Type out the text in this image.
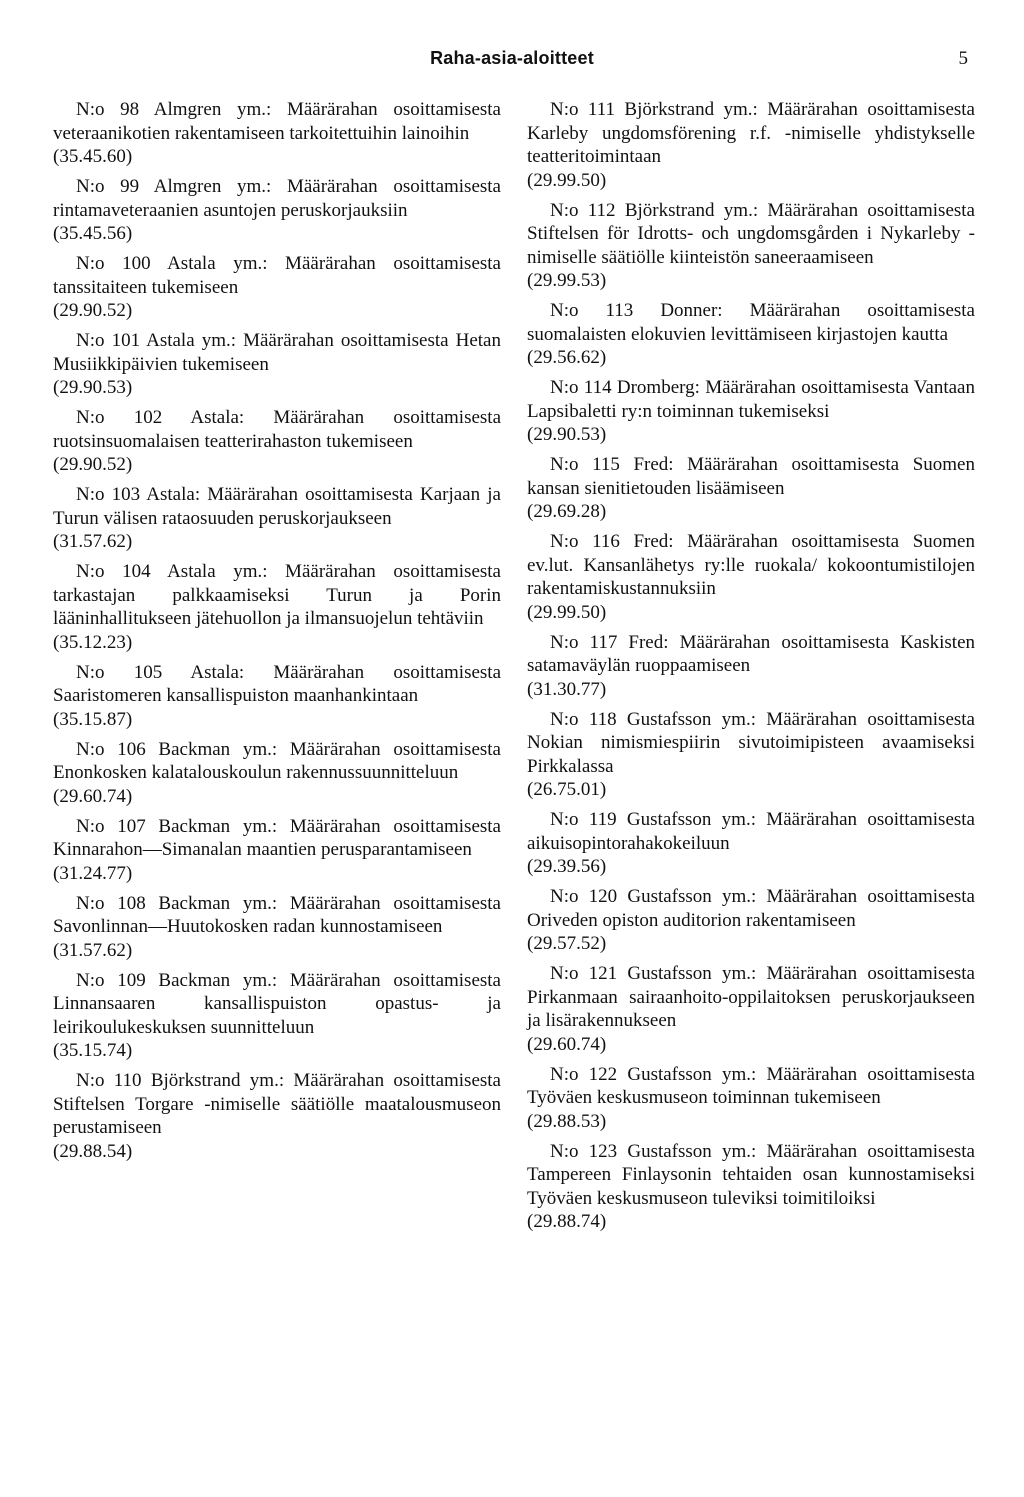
Raha-asia-aloitteet	5
N:o 98 Almgren ym.: Määrärahan osoittamisesta veteraanikotien rakentamiseen tarkoitettuihin lainoihin
(35.45.60)
N:o 99 Almgren ym.: Määrärahan osoittamisesta rintamaveteraanien asuntojen peruskorjauksiin
(35.45.56)
N:o 100 Astala ym.: Määrärahan osoittamisesta tanssitaiteen tukemiseen
(29.90.52)
N:o 101 Astala ym.: Määrärahan osoittamisesta Hetan Musiikkipäivien tukemiseen
(29.90.53)
N:o 102 Astala: Määrärahan osoittamisesta ruotsinsuomalaisen teatterirahaston tukemiseen
(29.90.52)
N:o 103 Astala: Määrärahan osoittamisesta Karjaan ja Turun välisen rataosuuden peruskorjaukseen
(31.57.62)
N:o 104 Astala ym.: Määrärahan osoittamisesta tarkastajan palkkaamiseksi Turun ja Porin lääninhallitukseen jätehuollon ja ilmansuojelun tehtäviin
(35.12.23)
N:o 105 Astala: Määrärahan osoittamisesta Saaristomeren kansallispuiston maanhankintaan
(35.15.87)
N:o 106 Backman ym.: Määrärahan osoittamisesta Enonkosken kalatalouskoulun rakennussuunnitteluun
(29.60.74)
N:o 107 Backman ym.: Määrärahan osoittamisesta Kinnarahon—Simanalan maantien perusparantamiseen
(31.24.77)
N:o 108 Backman ym.: Määrärahan osoittamisesta Savonlinnan—Huutokosken radan kunnostamiseen
(31.57.62)
N:o 109 Backman ym.: Määrärahan osoittamisesta Linnansaaren kansallispuiston opastus- ja leirikoulukeskuksen suunnitteluun
(35.15.74)
N:o 110 Björkstrand ym.: Määrärahan osoittamisesta Stiftelsen Torgare -nimiselle säätiölle maatalousmuseon perustamiseen
(29.88.54)
N:o 111 Björkstrand ym.: Määrärahan osoittamisesta Karleby ungdomsförening r.f. -nimiselle yhdistykselle teatteritoimintaan
(29.99.50)
N:o 112 Björkstrand ym.: Määrärahan osoittamisesta Stiftelsen för Idrotts- och ungdomsgården i Nykarleby -nimiselle säätiölle kiinteistön saneeraamiseen
(29.99.53)
N:o 113 Donner: Määrärahan osoittamisesta suomalaisten elokuvien levittämiseen kirjastojen kautta
(29.56.62)
N:o 114 Dromberg: Määrärahan osoittamisesta Vantaan Lapsibaletti ry:n toiminnan tukemiseksi
(29.90.53)
N:o 115 Fred: Määrärahan osoittamisesta Suomen kansan sienitietouden lisäämiseen
(29.69.28)
N:o 116 Fred: Määrärahan osoittamisesta Suomen ev.lut. Kansanlähetys ry:lle ruokala/ kokoontumistilojen rakentamiskustannuksiin
(29.99.50)
N:o 117 Fred: Määrärahan osoittamisesta Kaskisten satamaväylän ruoppaamiseen
(31.30.77)
N:o 118 Gustafsson ym.: Määrärahan osoittamisesta Nokian nimismiespiirin sivutoimipisteen avaamiseksi Pirkkalassa
(26.75.01)
N:o 119 Gustafsson ym.: Määrärahan osoittamisesta aikuisopintorahakokeiluun
(29.39.56)
N:o 120 Gustafsson ym.: Määrärahan osoittamisesta Oriveden opiston auditorion rakentamiseen
(29.57.52)
N:o 121 Gustafsson ym.: Määrärahan osoittamisesta Pirkanmaan sairaanhoito-oppilaitoksen peruskorjaukseen ja lisärakennukseen
(29.60.74)
N:o 122 Gustafsson ym.: Määrärahan osoittamisesta Työväen keskusmuseon toiminnan tukemiseen
(29.88.53)
N:o 123 Gustafsson ym.: Määrärahan osoittamisesta Tampereen Finlaysonin tehtaiden osan kunnostamiseksi Työväen keskusmuseon tuleviksi toimitiloiksi
(29.88.74)
